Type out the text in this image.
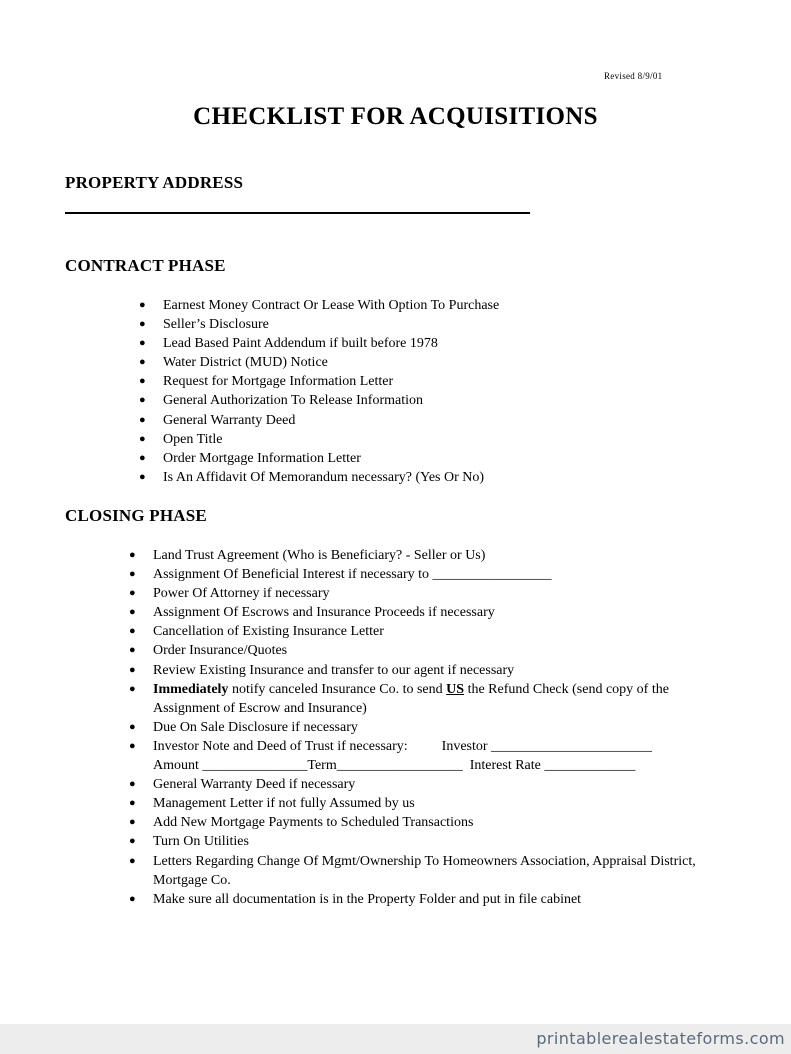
Revised 8/9/01
CHECKLIST FOR ACQUISITIONS
PROPERTY ADDRESS
CONTRACT PHASE
● Earnest Money Contract Or Lease With Option To Purchase
● Seller’s Disclosure
● Lead Based Paint Addendum if built before 1978
● Water District (MUD) Notice
● Request for Mortgage Information Letter
● General Authorization To Release Information
● General Warranty Deed
● Open Title
● Order Mortgage Information Letter
● Is An Affidavit Of Memorandum necessary? (Yes Or No)
CLOSING PHASE
● Land Trust Agreement (Who is Beneficiary? - Seller or Us)
● Assignment Of Beneficial Interest if necessary to _________________
● Power Of Attorney if necessary
● Assignment Of Escrows and Insurance Proceeds if necessary
● Cancellation of Existing Insurance Letter
● Order Insurance/Quotes
● Review Existing Insurance and transfer to our agent if necessary
● Immediately notify canceled Insurance Co. to send US the Refund Check (send copy of the
Assignment of Escrow and Insurance)
● Due On Sale Disclosure if necessary
● Investor Note and Deed of Trust if necessary: Investor _______________________
Amount _______________Term__________________  Interest Rate _____________
● General Warranty Deed if necessary
● Management Letter if not fully Assumed by us
● Add New Mortgage Payments to Scheduled Transactions
● Turn On Utilities
● Letters Regarding Change Of Mgmt/Ownership To Homeowners Association, Appraisal District,
Mortgage Co.
● Make sure all documentation is in the Property Folder and put in file cabinet
printablerealestateforms.com
